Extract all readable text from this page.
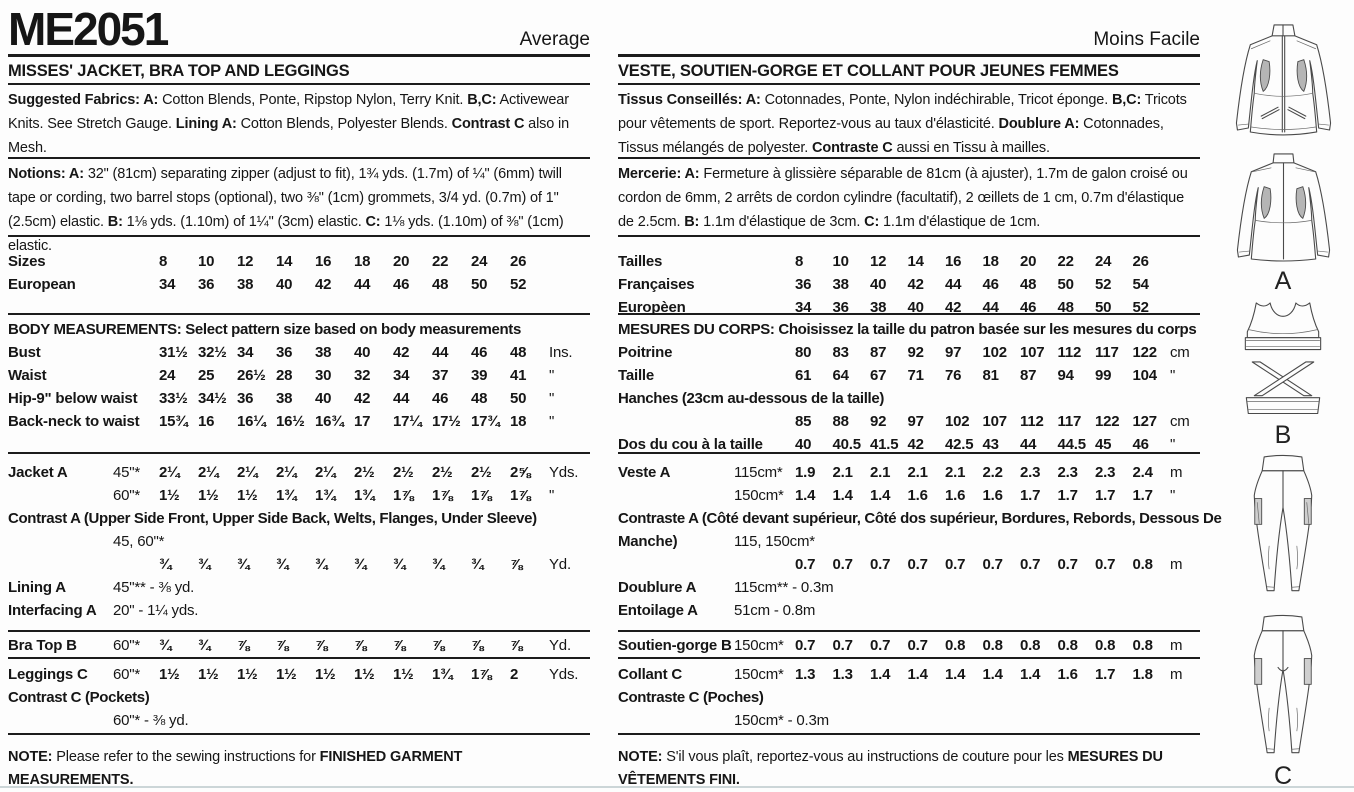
ME2051	Average
MISSES' JACKET, BRA TOP AND LEGGINGS

Suggested Fabrics: A: Cotton Blends, Ponte, Ripstop Nylon, Terry Knit. B,C: Activewear Knits. See Stretch Gauge. Lining A: Cotton Blends, Polyester Blends. Contrast C also in Mesh.

Notions: A: 32" (81cm) separating zipper (adjust to fit), 1¾ yds. (1.7m) of ¼" (6mm) twill tape or cording, two barrel stops (optional), two ⅜" (1cm) grommets, 3/4 yd. (0.7m) of 1" (2.5cm) elastic. B: 1⅛ yds. (1.10m) of 1¼" (3cm) elastic. C: 1⅛ yds. (1.10m) of ⅜" (1cm) elastic.

Sizes	8	10	12	14	16	18	20	22	24	26
European	34	36	38	40	42	44	46	48	50	52
BODY MEASUREMENTS: Select pattern size based on body measurements
Bust	31½ 32½ 34	36	38	40	42	44	46	48	Ins.
Waist	24	25	26½ 28	30	32	34	37	39	41	"
Hip-9" below waist 33½ 34½ 36	38	40	42	44	46	48	50	"
Back-neck to waist 15¾ 16	16¼ 16½ 16¾ 17	17¼ 17½ 17¾ 18	"
Jacket A	45"*	2¼	2¼	2¼	2¼	2¼	2½	2½	2½	2½	2⅝	Yds.
60"*	1½	1½	1½	1¾	1¾	1¾	1⅞	1⅞	1⅞	1⅞	"
Contrast A (Upper Side Front, Upper Side Back, Welts, Flanges, Under Sleeve)
45, 60"*
¾	¾	¾	¾	¾	¾	¾	¾	¾	⅞	Yd.
Lining A	45"** - ⅜ yd.
Interfacing A	20" - 1¼ yds.
Bra Top B	60"*	¾	¾	⅞	⅞	⅞	⅞	⅞	⅞	⅞	⅞	Yd.
Leggings C	60"*	1½	1½	1½	1½	1½	1½	1½	1¾	1⅞	2	Yds.
Contrast C (Pockets)
60"* - ⅜ yd.

NOTE: Please refer to the sewing instructions for FINISHED GARMENT MEASUREMENTS.

Moins Facile
VESTE, SOUTIEN-GORGE ET COLLANT POUR JEUNES FEMMES

Tissus Conseillés: A: Cotonnades, Ponte, Nylon indéchirable, Tricot éponge. B,C: Tricots pour vêtements de sport. Reportez-vous au taux d'élasticité. Doublure A: Cotonnades, Tissus mélangés de polyester. Contraste C aussi en Tissu à mailles.

Mercerie: A: Fermeture à glissière séparable de 81cm (à ajuster), 1.7m de galon croisé ou cordon de 6mm, 2 arrêts de cordon cylindre (facultatif), 2 œillets de 1 cm, 0.7m d'élastique de 2.5cm. B: 1.1m d'élastique de 3cm. C: 1.1m d'élastique de 1cm.

Tailles	8	10	12	14	16	18	20	22	24	26
Françaises	36	38	40	42	44	46	48	50	52	54
Europèen	34	36	38	40	42	44	46	48	50	52
MESURES DU CORPS: Choisissez la taille du patron basée sur les mesures du corps
Poitrine	80	83	87	92	97	102 107 112 117 122 cm
Taille	61	64	67	71	76	81	87	94	99	104 "
Hanches (23cm au-dessous de la taille)
85	88	92	97	102 107 112 117 122 127 cm
Dos du cou à la taille 40	40.5 41.5 42	42.5 43	44	44.5 45	46	"
Veste A	115cm* 1.9	2.1	2.1	2.1	2.1	2.2	2.3	2.3	2.3	2.4	m
150cm* 1.4	1.4	1.4	1.6	1.6	1.6	1.7	1.7	1.7	1.7	"
Contraste A (Côté devant supérieur, Côté dos supérieur, Bordures, Rebords, Dessous De
Manche)	115, 150cm*
0.7	0.7	0.7	0.7	0.7	0.7	0.7	0.7	0.7	0.8	m
Doublure A	115cm** - 0.3m
Entoilage A	51cm - 0.8m
Soutien-gorge B 150cm* 0.7	0.7	0.7	0.7	0.8	0.8	0.8	0.8	0.8	0.8	m
Collant C	150cm* 1.3	1.3	1.4	1.4	1.4	1.4	1.4	1.6	1.7	1.8	m
Contraste C (Poches)
150cm* - 0.3m

NOTE: S'il vous plaît, reportez-vous au instructions de couture pour les MESURES DU VÊTEMENTS FINI.

A
B
C
